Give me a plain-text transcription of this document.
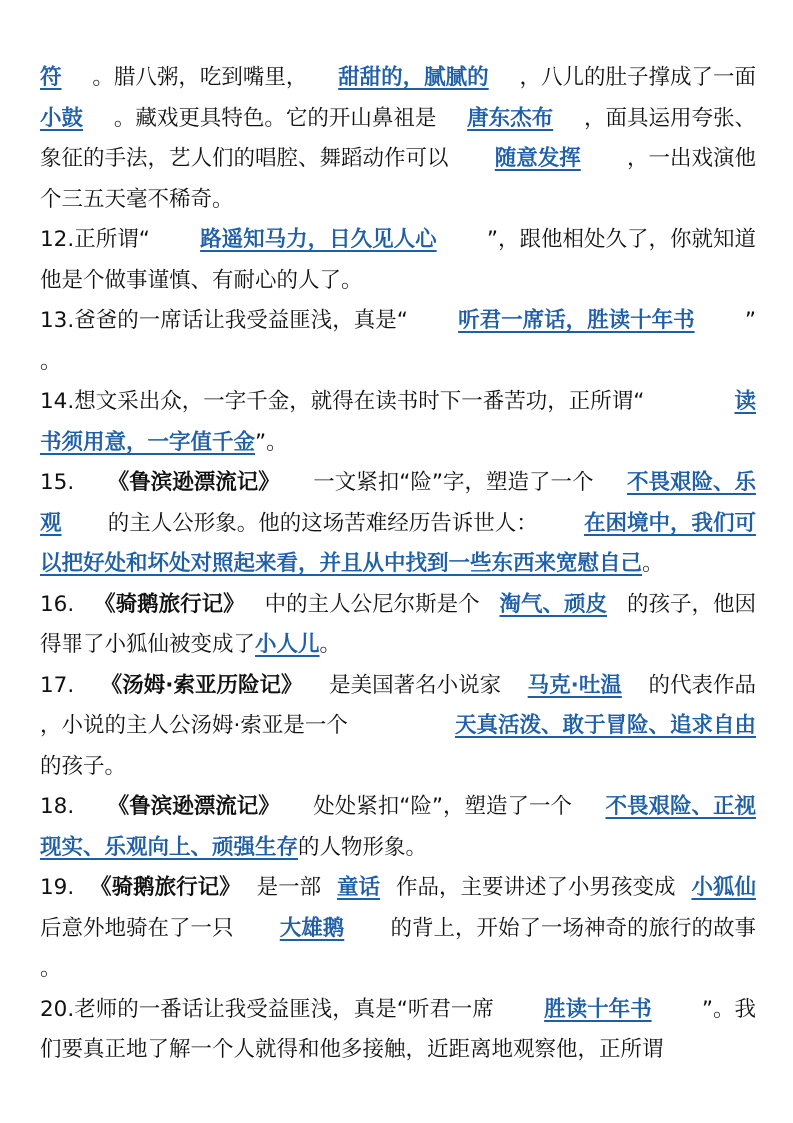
符 。腊八粥，吃到嘴里， 甜甜的，腻腻的 ，八儿的肚子撑成了一面
小鼓 。藏戏更具特色。它的开山鼻祖是 唐东杰布 ，面具运用夸张、
象征的手法，艺人们的唱腔、舞蹈动作可以 随意发挥 ，一出戏演他
个三五天毫不稀奇。
12.正所谓“ 路遥知马力，日久见人心 ”，跟他相处久了，你就知道
他是个做事谨慎、有耐心的人了。
13.爸爸的一席话让我受益匪浅，真是“ 听君一席话，胜读十年书 ”
。
14.想文采出众，一字千金，就得在读书时下一番苦功，正所谓“	读
书须用意，一字值千金 ”。
15. 《鲁滨逊漂流记》 一文紧扣“险”字，塑造了一个 不畏艰险、乐
观 的主人公形象。他的这场苦难经历告诉世人： 在困境中，我们可
以把好处和坏处对照起来看，并且从中找到一些东西来宽慰自己 。
16. 《骑鹅旅行记》 中的主人公尼尔斯是个 淘气、顽皮 的孩子，他因
得罪了小狐仙被变成了 小人儿 。
17. 《汤姆·索亚历险记》 是美国著名小说家 马克·吐温 的代表作品
，小说的主人公汤姆·索亚是一个	天真活泼、敢于冒险、追求自由
的孩子。
18. 《鲁滨逊漂流记》 处处紧扣“险”，塑造了一个 不畏艰险、正视
现实、乐观向上、顽强生存 的人物形象。
19. 《骑鹅旅行记》 是一部 童话 作品，主要讲述了小男孩变成 小狐仙
后意外地骑在了一只 大雄鹅 的背上，开始了一场神奇的旅行的故事
。
20.老师的一番话让我受益匪浅，真是“听君一席 胜读十年书 ”。我
们要真正地了解一个人就得和他多接触，近距离地观察他，正所谓
